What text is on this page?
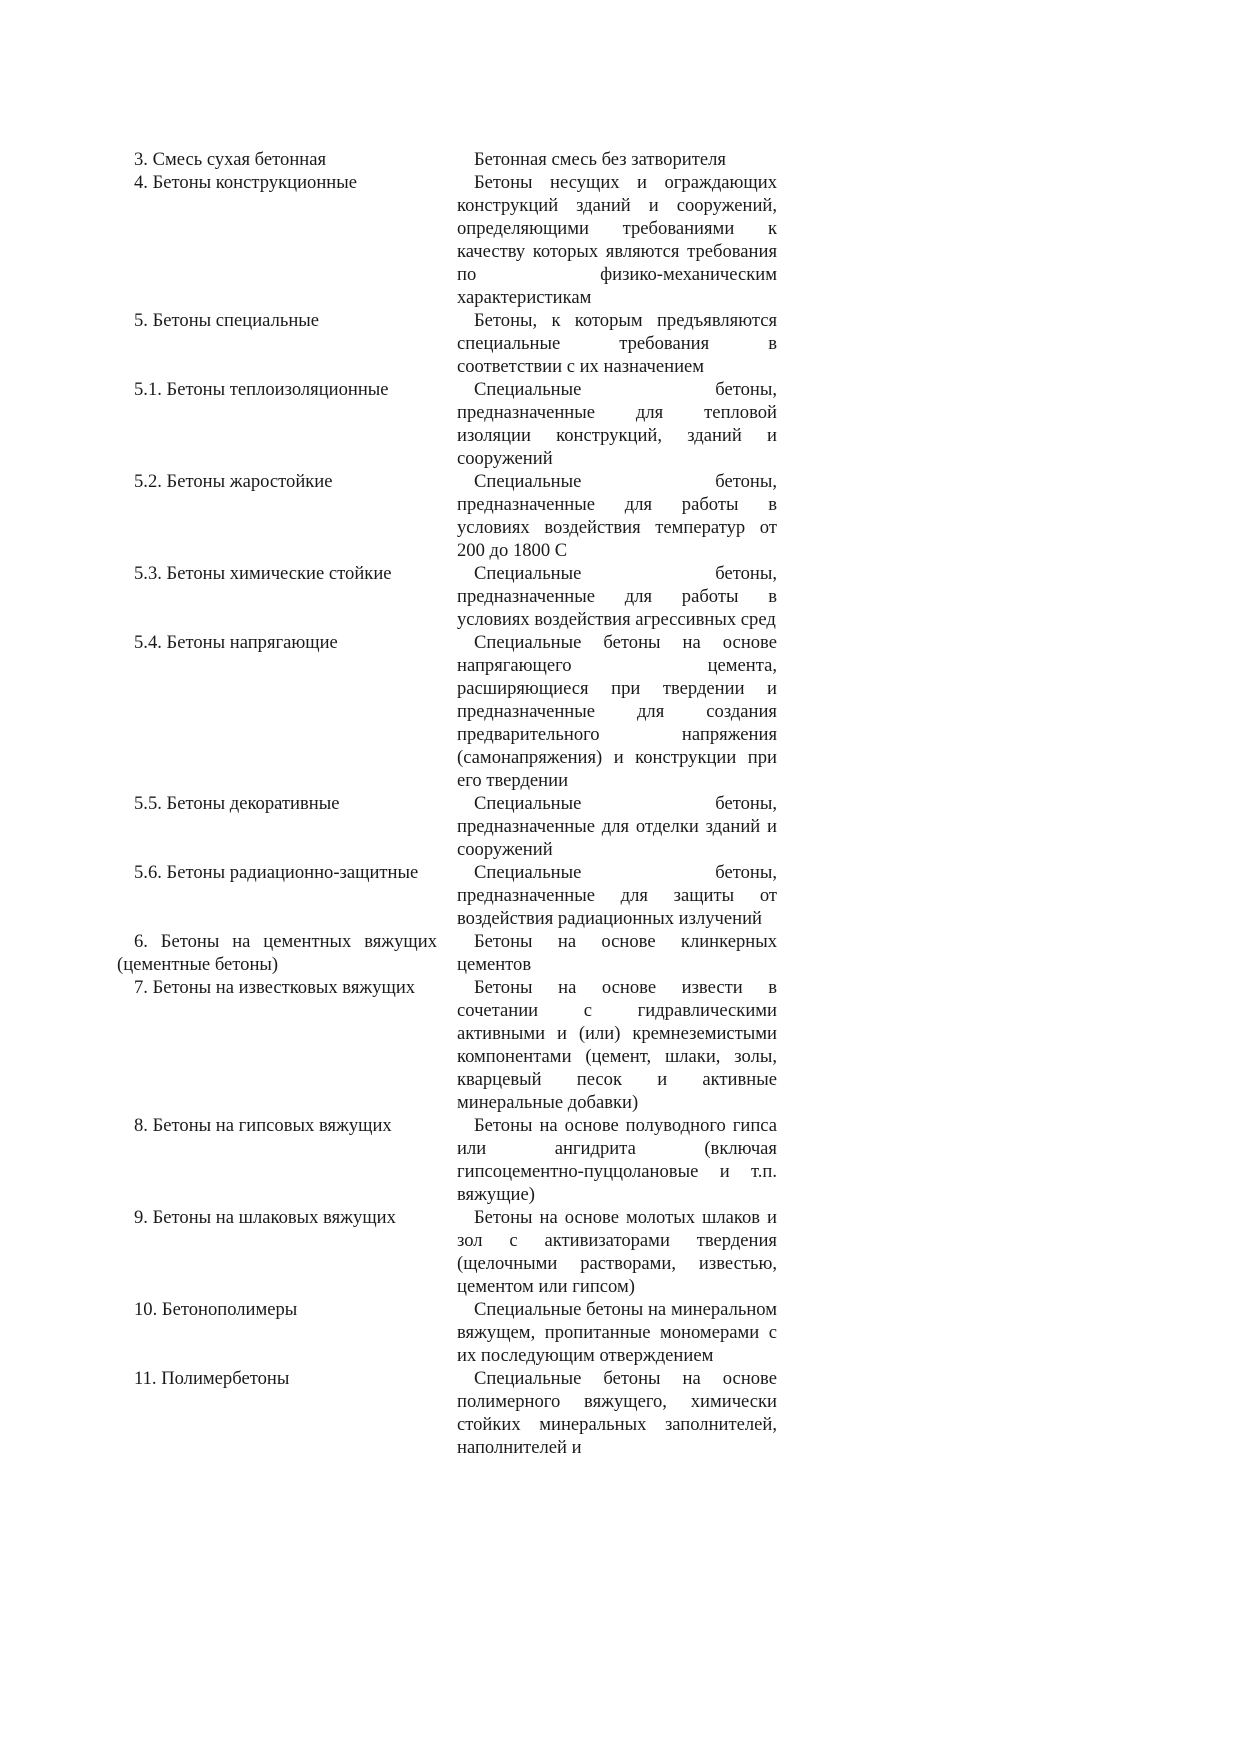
3. Смесь сухая бетонная		Бетонная смесь без затворителя
4. Бетоны конструкционные		Бетоны несущих и ограждающих конструкций зданий и сооружений, определяющими требованиями к качеству которых являются требования по физико-механическим характеристикам
5. Бетоны специальные		Бетоны, к которым предъявляются специальные требования в соответствии с их назначением
5.1. Бетоны теплоизоляционные		Специальные бетоны, предназначенные для тепловой изоляции конструкций, зданий и сооружений
5.2. Бетоны жаростойкие		Специальные бетоны, предназначенные для работы в условиях воздействия температур от 200 до 1800 С
5.3. Бетоны химические стойкие		Специальные бетоны, предназначенные для работы в условиях воздействия агрессивных сред
5.4. Бетоны напрягающие		Специальные бетоны на основе напрягающего цемента, расширяющиеся при твердении и предназначенные для создания предварительного напряжения (самонапряжения) и конструкции при его твердении
5.5. Бетоны декоративные		Специальные бетоны, предназначенные для отделки зданий и сооружений
5.6. Бетоны радиационно-защитные		Специальные бетоны, предназначенные для защиты от воздействия радиационных излучений
6. Бетоны на цементных вяжущих (цементные бетоны)		Бетоны на основе клинкерных цементов
7. Бетоны на известковых вяжущих		Бетоны на основе извести в сочетании с гидравлическими активными и (или) кремнеземистыми компонентами (цемент, шлаки, золы, кварцевый песок и активные минеральные добавки)
8. Бетоны на гипсовых вяжущих		Бетоны на основе полуводного гипса или ангидрита (включая гипсоцементно-пуццолановые и т.п. вяжущие)
9. Бетоны на шлаковых вяжущих		Бетоны на основе молотых шлаков и зол с активизаторами твердения (щелочными растворами, известью, цементом или гипсом)
10. Бетонополимеры		Специальные бетоны на минеральном вяжущем, пропитанные мономерами с их последующим отверждением
11. Полимербетоны		Специальные бетоны на основе полимерного вяжущего, химически стойких минеральных заполнителей, наполнителей и
